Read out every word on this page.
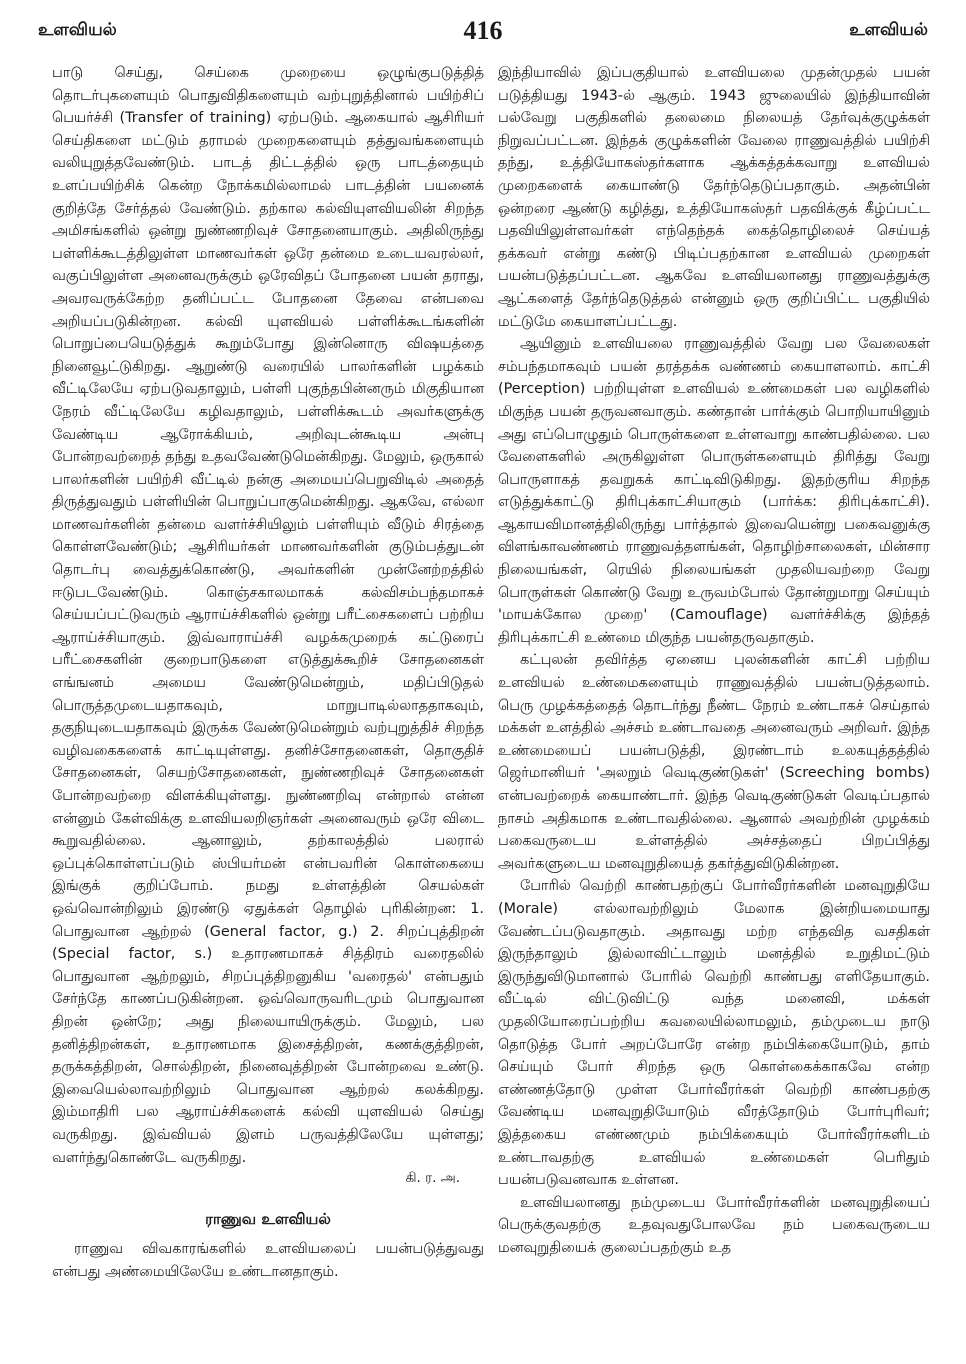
உளவியல்	416	உளவியல்

பாடு செய்து, செய்கை முறையை ஒழுங்குபடுத்தித் தொடர்புகளையும் பொதுவிதிகளையும் வற்புறுத்தினால் பயிற்சிப் பெயர்ச்சி (Transfer of training) ஏற்படும். ஆகையால் ஆசிரியர் செய்திகளை மட்டும் தராமல் முறைகளையும் தத்துவங்களையும் வலியுறுத்தவேண்டும். பாடத் திட்டத்தில் ஒரு பாடத்தையும் உளப்பயிற்சிக் கென்ற நோக்கமில்லாமல் பாடத்தின் பயனைக் குறித்தே சேர்த்தல் வேண்டும். தற்கால கல்வியுளவியலின் சிறந்த அமிசங்களில் ஒன்று நுண்ணறிவுச் சோதனையாகும். அதிலிருந்து பள்ளிக்கூடத்திலுள்ள மாணவர்கள் ஒரே தன்மை உடையவரல்லர், வகுப்பிலுள்ள அனைவருக்கும் ஒரேவிதப் போதனை பயன் தராது, அவரவருக்கேற்ற தனிப்பட்ட போதனை தேவை என்பவை அறியப்படுகின்றன. கல்வி யுளவியல் பள்ளிக்கூடங்களின் பொறுப்பையெடுத்துக் கூறும்போது இன்னொரு விஷயத்தை நினைவூட்டுகிறது. ஆறுண்டு வரையில் பாலர்களின் பழக்கம் வீட்டிலேயே ஏற்படுவதாலும், பள்ளி புகுந்தபின்னரும் மிகுதியான நேரம் வீட்டிலேயே கழிவதாலும், பள்ளிக்கூடம் அவர்களுக்கு வேண்டிய ஆரோக்கியம், அறிவுடன்கூடிய அன்பு போன்றவற்றைத் தந்து உதவவேண்டுமென்கிறது. மேலும், ஒருகால் பாலர்களின் பயிற்சி வீட்டில் நன்கு அமையப்பெறுவிடில் அதைத் திருத்துவதும் பள்ளியின் பொறுப்பாகுமென்கிறது. ஆகவே, எல்லா மாணவர்களின் தன்மை வளர்ச்சியிலும் பள்ளியும் வீடும் சிரத்தை கொள்ளவேண்டும்; ஆசிரியர்கள் மாணவர்களின் குடும்பத்துடன் தொடர்பு வைத்துக்கொண்டு, அவர்களின் முன்னேற்றத்தில் ஈடுபடவேண்டும். கொஞ்சகாலமாகக் கல்விசம்பந்தமாகச் செய்யப்பட்டுவரும் ஆராய்ச்சிகளில் ஒன்று பரீட்சைகளைப் பற்றிய ஆராய்ச்சியாகும். இவ்வாராய்ச்சி வழக்கமுறைக் கட்டுரைப் பரீட்சைகளின் குறைபாடுகளை எடுத்துக்கூறிச் சோதனைகள் எங்ஙனம் அமைய வேண்டுமென்றும், மதிப்பிடுதல் பொருத்தமுடையதாகவும், மாறுபாடில்லாததாகவும், தகுநியுடையதாகவும் இருக்க வேண்டுமென்றும் வற்புறுத்திச் சிறந்த வழிவகைகளைக் காட்டியுள்ளது. தனிச்சோதனைகள், தொகுதிச் சோதனைகள், செயற்சோதனைகள், நுண்ணறிவுச் சோதனைகள் போன்றவற்றை விளக்கியுள்ளது. நுண்ணறிவு என்றால் என்ன என்னும் கேள்விக்கு உளவியலறிஞர்கள் அனைவரும் ஒரே விடை கூறுவதில்லை. ஆனாலும், தற்காலத்தில் பலரால் ஒப்புக்கொள்ளப்படும் ஸ்பியர்மன் என்பவரின் கொள்கையை இங்குக் குறிப்போம். நமது உள்ளத்தின் செயல்கள் ஒவ்வொன்றிலும் இரண்டு ஏதுக்கள் தொழில் புரிகின்றன: 1. பொதுவான ஆற்றல் (General factor, g.) 2. சிறப்புத்திறன் (Special factor, s.) உதாரணமாகச் சித்திரம் வரைதலில் பொதுவான ஆற்றலும், சிறப்புத்திறனுகிய 'வரைதல்' என்பதும் சேர்ந்தே காணப்படுகின்றன. ஒவ்வொருவரிடமும் பொதுவான திறன் ஒன்றே; அது நிலையாயிருக்கும். மேலும், பல தனித்திறன்கள், உதாரணமாக இசைத்திறன், கணக்குத்திறன், தருக்கத்திறன், சொல்திறன், நினைவுத்திறன் போன்றவை உண்டு. இவையெல்லாவற்றிலும் பொதுவான ஆற்றல் கலக்கிறது. இம்மாதிரி பல ஆராய்ச்சிகளைக் கல்வி யுளவியல் செய்து வருகிறது. இவ்வியல் இளம் பருவத்திலேயே யுள்ளது; வளர்ந்துகொண்டே வருகிறது.

கி. ர. அ.
ராணுவ உளவியல்

ராணுவ விவகாரங்களில் உளவியலைப் பயன்படுத்துவது என்பது அண்மையிலேயே உண்டானதாகும்.

இந்தியாவில் இப்பகுதியால் உளவியலை முதன்முதல் பயன் படுத்தியது 1943-ல் ஆகும். 1943 ஜுலையில் இந்தியாவின் பல்வேறு பகுதிகளில் தலைமை நிலையத் தேர்வுக்குழுக்கள் நிறுவப்பட்டன. இந்தக் குழுக்களின் வேலை ராணுவத்தில் பயிற்சி தந்து, உத்தியோகஸ்தர்களாக ஆக்கத்தக்கவாறு உளவியல் முறைகளைக் கையாண்டு தேர்ந்தெடுப்பதாகும். அதன்பின் ஒன்றரை ஆண்டு கழித்து, உத்தியோகஸ்தர் பதவிக்குக் கீழ்ப்பட்ட பதவியிலுள்ளவர்கள் எந்தெந்தக் கைத்தொழிலைச் செய்யத் தக்கவர் என்று கண்டு பிடிப்பதற்கான உளவியல் முறைகள் பயன்படுத்தப்பட்டன. ஆகவே உளவியலானது ராணுவத்துக்கு ஆட்களைத் தேர்ந்தெடுத்தல் என்னும் ஒரு குறிப்பிட்ட பகுதியில் மட்டுமே கையாளப்பட்டது.

ஆயினும் உளவியலை ராணுவத்தில் வேறு பல வேலைகள் சம்பந்தமாகவும் பயன் தரத்தக்க வண்ணம் கையாளலாம். காட்சி (Perception) பற்றியுள்ள உளவியல் உண்மைகள் பல வழிகளில் மிகுந்த பயன் தருவனவாகும். கண்தான் பார்க்கும் பொறியாயினும் அது எப்பொழுதும் பொருள்களை உள்ளவாறு காண்பதில்லை. பல வேளைகளில் அருகிலுள்ள பொருள்களையும் திரித்து வேறு பொருளாகத் தவறுகக் காட்டிவிடுகிறது. இதற்குரிய சிறந்த எடுத்துக்காட்டு திரிபுக்காட்சியாகும் (பார்க்க: திரிபுக்காட்சி). ஆகாயவிமானத்திலிருந்து பார்த்தால் இவையென்று பகைவனுக்கு விளங்காவண்ணம் ராணுவத்தளங்கள், தொழிற்சாலைகள், மின்சார நிலையங்கள், ரெயில் நிலையங்கள் முதலியவற்றை வேறு பொருள்கள் கொண்டு வேறு உருவம்போல் தோன்றுமாறு செய்யும் 'மாயக்கோல முறை' (Camouflage) வளர்ச்சிக்கு இந்தத் திரிபுக்காட்சி உண்மை மிகுந்த பயன்தருவதாகும்.

கட்புலன் தவிர்த்த ஏனைய புலன்களின் காட்சி பற்றிய உளவியல் உண்மைகளையும் ராணுவத்தில் பயன்படுத்தலாம். பெரு முழக்கத்தைத் தொடர்ந்து நீண்ட நேரம் உண்டாகச் செய்தால் மக்கள் உளத்தில் அச்சம் உண்டாவதை அனைவரும் அறிவர். இந்த உண்மையைப் பயன்படுத்தி, இரண்டாம் உலகயுத்தத்தில் ஜெர்மானியர் 'அலறும் வெடிகுண்டுகள்' (Screeching bombs) என்பவற்றைக் கையாண்டார். இந்த வெடிகுண்டுகள் வெடிப்பதால் நாசம் அதிகமாக உண்டாவதில்லை. ஆனால் அவற்றின் முழக்கம் பகைவருடைய உள்ளத்தில் அச்சத்தைப் பிறப்பித்து அவர்களுடைய மனவுறுதியைத் தகர்த்துவிடுகின்றன.

போரில் வெற்றி காண்பதற்குப் போர்வீரர்களின் மனவுறுதியே (Morale) எல்லாவற்றிலும் மேலாக இன்றியமையாது வேண்டப்படுவதாகும். அதாவது மற்ற எந்தவித வசதிகள் இருந்தாலும் இல்லாவிட்டாலும் மனத்தில் உறுதிமட்டும் இருந்துவிடுமானால் போரில் வெற்றி காண்பது எளிதேயாகும். வீட்டில் விட்டுவிட்டு வந்த மனைவி, மக்கள் முதலியோரைப்பற்றிய கவலையில்லாமலும், தம்முடைய நாடு தொடுத்த போர் அறப்போரே என்ற நம்பிக்கையோடும், தாம் செய்யும் போர் சிறந்த ஒரு கொள்கைக்காகவே என்ற எண்ணத்தோடு முள்ள போர்வீரர்கள் வெற்றி காண்பதற்கு வேண்டிய மனவுறுதியோடும் வீரத்தோடும் போர்புரிவர்; இத்தகைய எண்ணமும் நம்பிக்கையும் போர்வீரர்களிடம் உண்டாவதற்கு உளவியல் உண்மைகள் பெரிதும் பயன்படுவனவாக உள்ளன.

உளவியலானது நம்முடைய போர்வீரர்களின் மனவுறுதியைப் பெருக்குவதற்கு உதவுவதுபோலவே நம் பகைவருடைய மனவுறுதியைக் குலைப்பதற்கும் உத
